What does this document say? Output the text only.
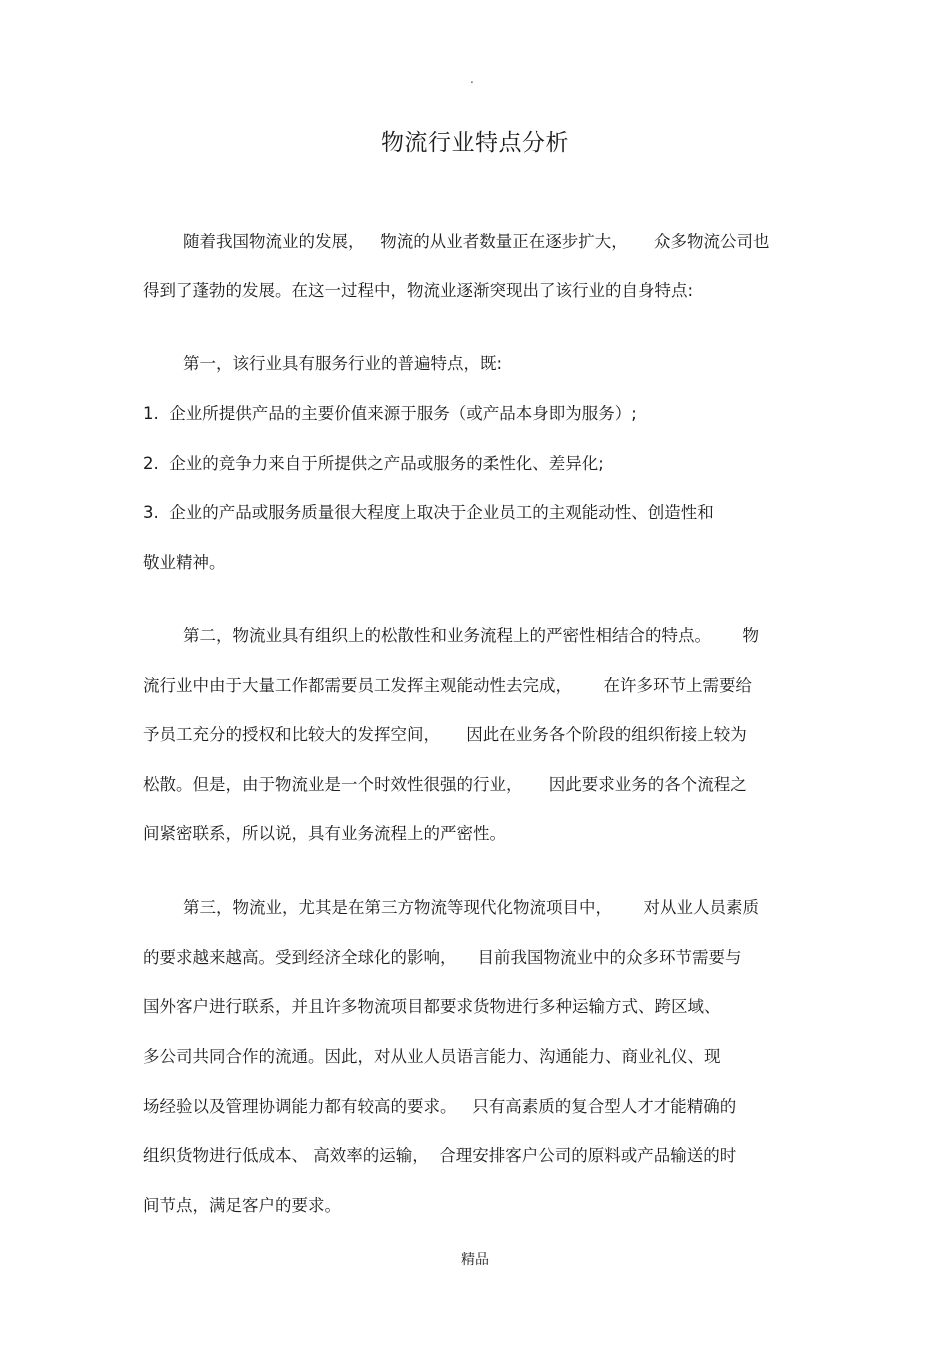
.
物流行业特点分析
随着我国物流业的发展，   物流的从业者数量正在逐步扩大，     众多物流公司也
得到了蓬勃的发展。在这一过程中，物流业逐渐突现出了该行业的自身特点:
第一，该行业具有服务行业的普遍特点，既:
1.  企业所提供产品的主要价值来源于服务（或产品本身即为服务）;
2.  企业的竞争力来自于所提供之产品或服务的柔性化、差异化;
3.  企业的产品或服务质量很大程度上取决于企业员工的主观能动性、创造性和
敬业精神。
第二，物流业具有组织上的松散性和业务流程上的严密性相结合的特点。      物
流行业中由于大量工作都需要员工发挥主观能动性去完成，      在许多环节上需要给
予员工充分的授权和比较大的发挥空间，     因此在业务各个阶段的组织衔接上较为
松散。但是，由于物流业是一个时效性很强的行业，     因此要求业务的各个流程之
间紧密联系，所以说，具有业务流程上的严密性。
第三，物流业，尤其是在第三方物流等现代化物流项目中，      对从业人员素质
的要求越来越高。受到经济全球化的影响，    目前我国物流业中的众多环节需要与
国外客户进行联系，并且许多物流项目都要求货物进行多种运输方式、跨区域、
多公司共同合作的流通。因此，对从业人员语言能力、沟通能力、商业礼仪、现
场经验以及管理协调能力都有较高的要求。   只有高素质的复合型人才才能精确的
组织货物进行低成本、 高效率的运输，  合理安排客户公司的原料或产品输送的时
间节点，满足客户的要求。
精品
